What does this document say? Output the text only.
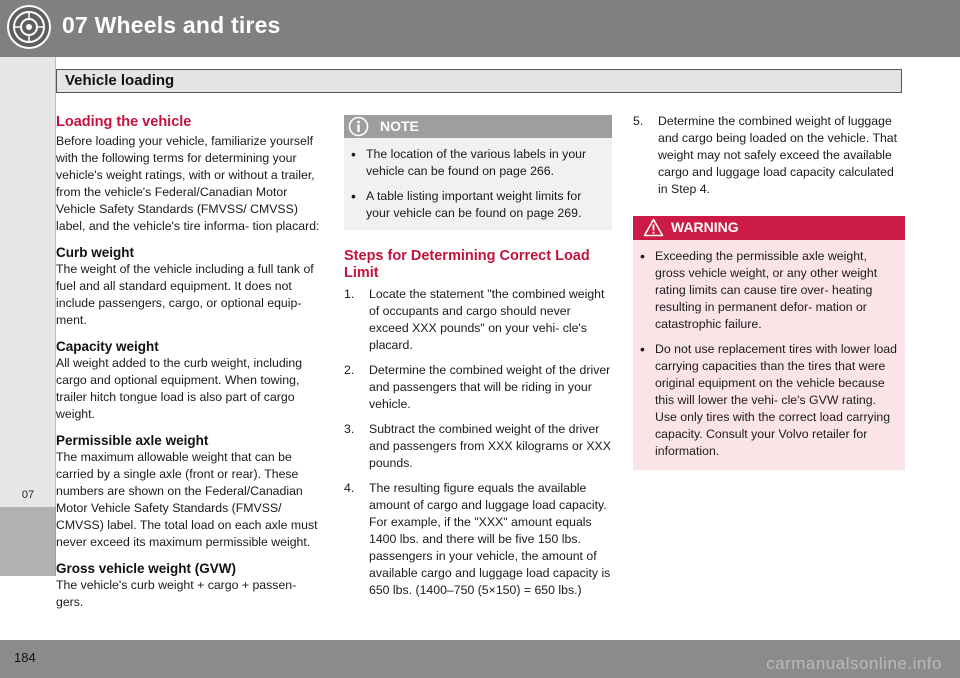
07 Wheels and tires
Vehicle loading
07
Loading the vehicle

Before loading your vehicle, familiarize yourself with the following terms for determining your vehicle's weight ratings, with or without a trailer, from the vehicle's Federal/Canadian Motor Vehicle Safety Standards (FMVSS/ CMVSS) label, and the vehicle's tire informa- tion placard:

Curb weight

The weight of the vehicle including a full tank of fuel and all standard equipment. It does not include passengers, cargo, or optional equip- ment.

Capacity weight

All weight added to the curb weight, including cargo and optional equipment. When towing, trailer hitch tongue load is also part of cargo weight.

Permissible axle weight

The maximum allowable weight that can be carried by a single axle (front or rear). These numbers are shown on the Federal/Canadian Motor Vehicle Safety Standards (FMVSS/ CMVSS) label. The total load on each axle must never exceed its maximum permissible weight.

Gross vehicle weight (GVW)

The vehicle's curb weight + cargo + passen- gers.

NOTE
• The location of the various labels in your vehicle can be found on page 266.
• A table listing important weight limits for your vehicle can be found on page 269.
Steps for Determining Correct Load Limit
1. Locate the statement "the combined weight of occupants and cargo should never exceed XXX pounds" on your vehi- cle's placard.
2. Determine the combined weight of the driver and passengers that will be riding in your vehicle.
3. Subtract the combined weight of the driver and passengers from XXX kilograms or XXX pounds.
4. The resulting figure equals the available amount of cargo and luggage load capacity. For example, if the "XXX" amount equals 1400 lbs. and there will be five 150 lbs. passengers in your vehicle, the amount of available cargo and luggage load capacity is 650 lbs. (1400–750 (5×150) = 650 lbs.)
5. Determine the combined weight of luggage and cargo being loaded on the vehicle. That weight may not safely exceed the available cargo and luggage load capacity calculated in Step 4.
WARNING
• Exceeding the permissible axle weight, gross vehicle weight, or any other weight rating limits can cause tire over- heating resulting in permanent defor- mation or catastrophic failure.
• Do not use replacement tires with lower load carrying capacities than the tires that were original equipment on the vehicle because this will lower the vehi- cle's GVW rating. Use only tires with the correct load carrying capacity. Consult your Volvo retailer for information.
184	carmanualsonline.info
